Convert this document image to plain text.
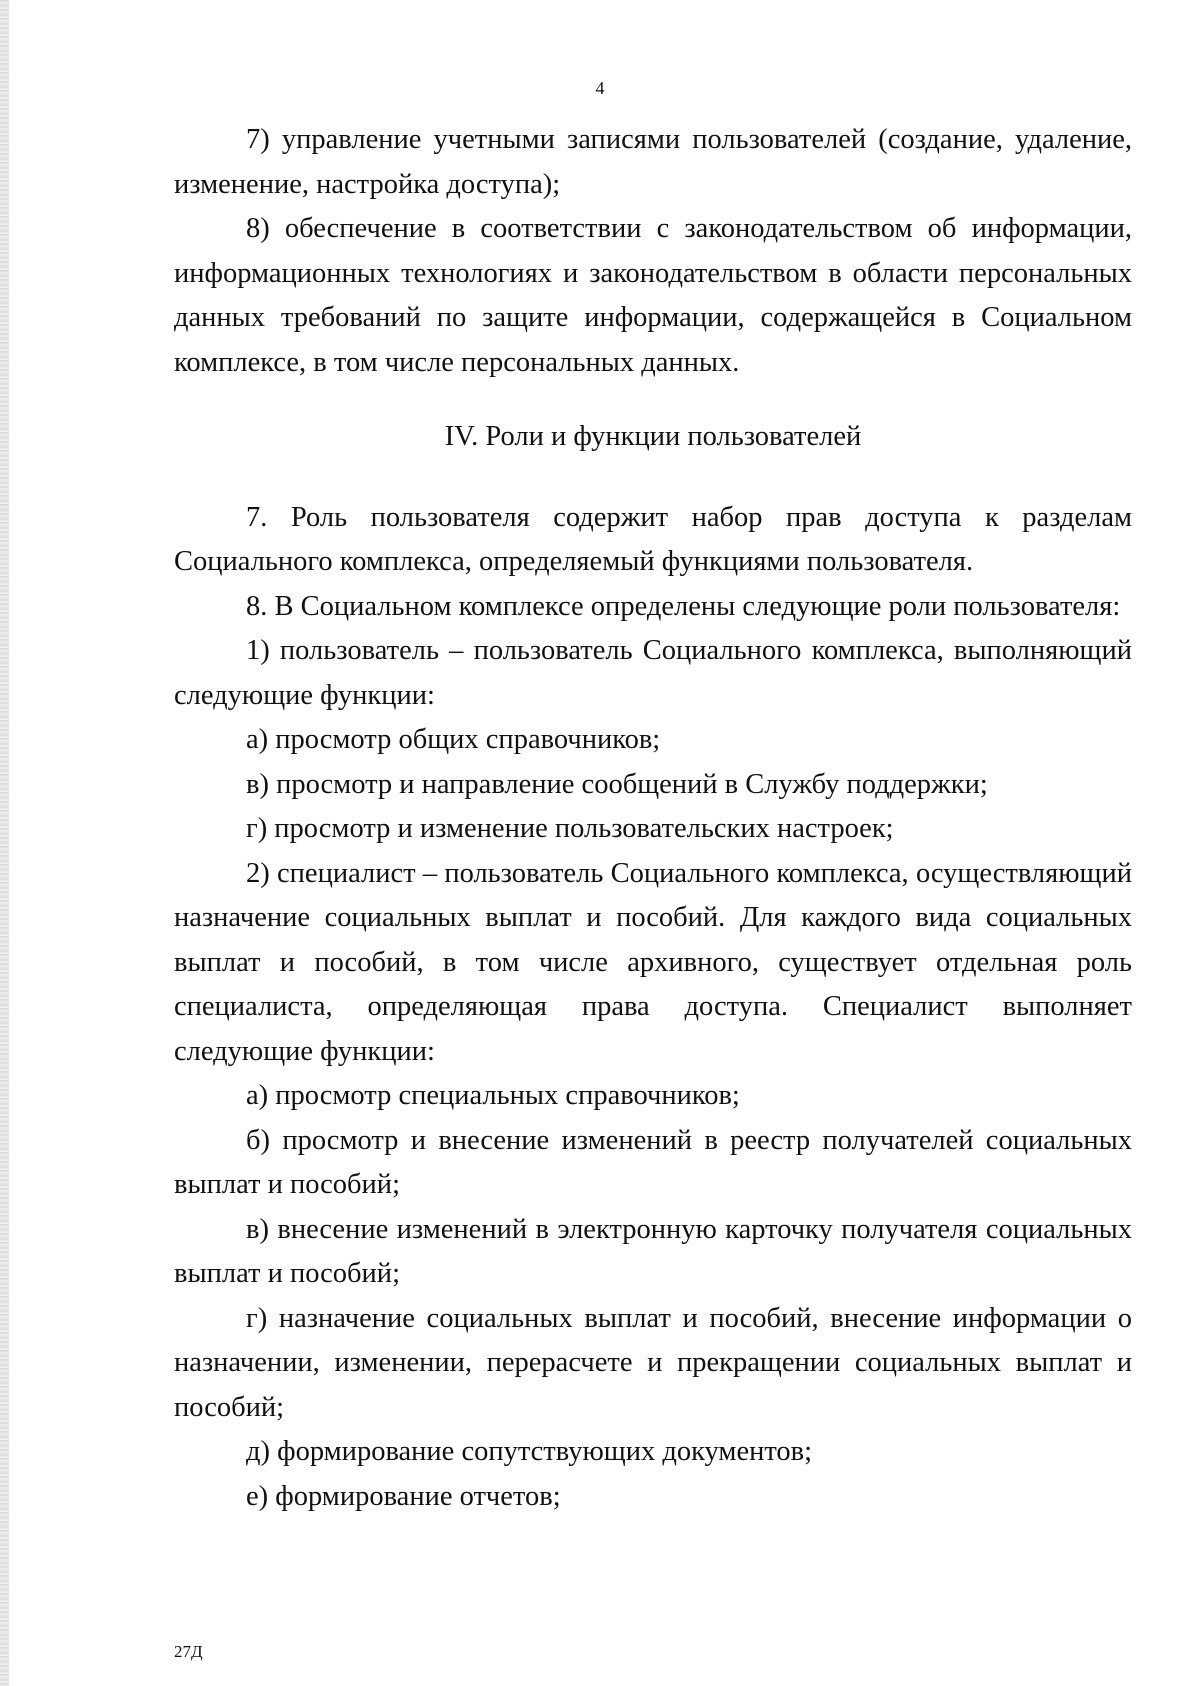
4

7) управление учетными записями пользователей (создание, удаление, изменение, настройка доступа);

8) обеспечение в соответствии с законодательством об информации, информационных технологиях и законодательством в области персональных данных требований по защите информации, содержащейся в Социальном комплексе, в том числе персональных данных.

IV. Роли и функции пользователей

7. Роль пользователя содержит набор прав доступа к разделам Социального комплекса, определяемый функциями пользователя.

8. В Социальном комплексе определены следующие роли пользователя:

1) пользователь – пользователь Социального комплекса, выполняющий следующие функции:

а) просмотр общих справочников;

в) просмотр и направление сообщений в Службу поддержки;

г) просмотр и изменение пользовательских настроек;

2) специалист – пользователь Социального комплекса, осуществляющий назначение социальных выплат и пособий. Для каждого вида социальных выплат и пособий, в том числе архивного, существует отдельная роль специалиста, определяющая права доступа. Специалист выполняет следующие функции:

а) просмотр специальных справочников;

б) просмотр и внесение изменений в реестр получателей социальных выплат и пособий;

в) внесение изменений в электронную карточку получателя социальных выплат и пособий;

г) назначение социальных выплат и пособий, внесение информации о назначении, изменении, перерасчете и прекращении социальных выплат и пособий;

д) формирование сопутствующих документов;

е) формирование отчетов;

27Д
